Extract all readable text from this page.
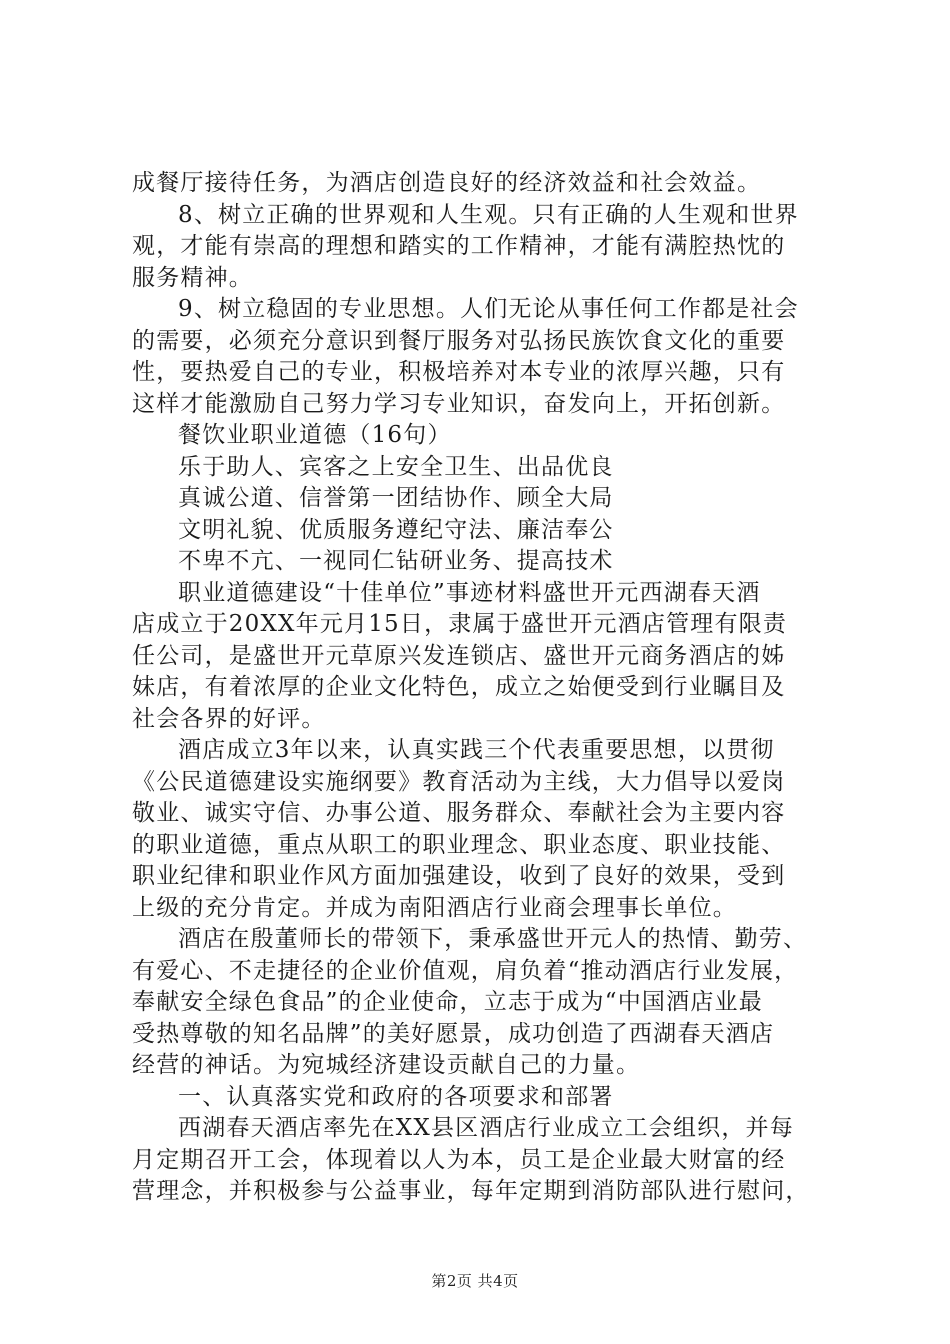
成餐厅接待任务，为酒店创造良好的经济效益和社会效益。
8、树立正确的世界观和人生观。只有正确的人生观和世界
观，才能有崇高的理想和踏实的工作精神，才能有满腔热忱的
服务精神。
9、树立稳固的专业思想。人们无论从事任何工作都是社会
的需要，必须充分意识到餐厅服务对弘扬民族饮食文化的重要
性，要热爱自己的专业，积极培养对本专业的浓厚兴趣，只有
这样才能激励自己努力学习专业知识，奋发向上，开拓创新。
餐饮业职业道德（16句）
乐于助人、宾客之上安全卫生、出品优良
真诚公道、信誉第一团结协作、顾全大局
文明礼貌、优质服务遵纪守法、廉洁奉公
不卑不亢、一视同仁钻研业务、提高技术
职业道德建设“十佳单位”事迹材料盛世开元西湖春天酒
店成立于20XX年元月15日，隶属于盛世开元酒店管理有限责
任公司，是盛世开元草原兴发连锁店、盛世开元商务酒店的姊
妹店，有着浓厚的企业文化特色，成立之始便受到行业瞩目及
社会各界的好评。
酒店成立3年以来，认真实践三个代表重要思想，以贯彻
《公民道德建设实施纲要》教育活动为主线，大力倡导以爱岗
敬业、诚实守信、办事公道、服务群众、奉献社会为主要内容
的职业道德，重点从职工的职业理念、职业态度、职业技能、
职业纪律和职业作风方面加强建设，收到了良好的效果，受到
上级的充分肯定。并成为南阳酒店行业商会理事长单位。
酒店在殷董师长的带领下，秉承盛世开元人的热情、勤劳、
有爱心、不走捷径的企业价值观，肩负着“推动酒店行业发展，
奉献安全绿色食品”的企业使命，立志于成为“中国酒店业最
受热尊敬的知名品牌”的美好愿景，成功创造了西湖春天酒店
经营的神话。为宛城经济建设贡献自己的力量。
一、认真落实党和政府的各项要求和部署
西湖春天酒店率先在XX县区酒店行业成立工会组织，并每
月定期召开工会，体现着以人为本，员工是企业最大财富的经
营理念，并积极参与公益事业，每年定期到消防部队进行慰问，
第2页 共4页
